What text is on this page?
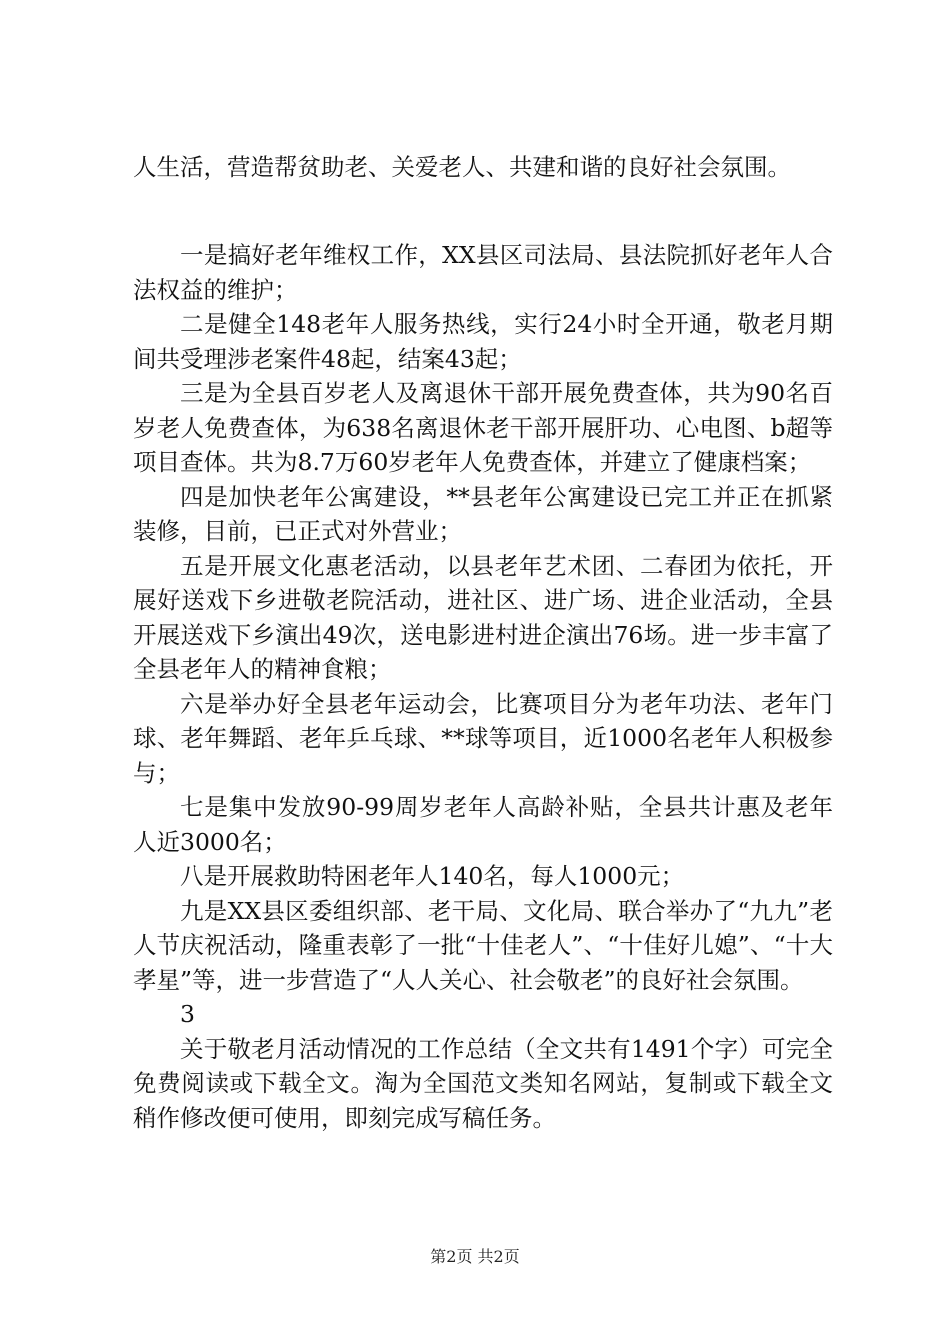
人生活，营造帮贫助老、关爱老人、共建和谐的良好社会氛围。

一是搞好老年维权工作，XX县区司法局、县法院抓好老年人合法权益的维护；

二是健全148老年人服务热线，实行24小时全开通，敬老月期间共受理涉老案件48起，结案43起；

三是为全县百岁老人及离退休干部开展免费查体，共为90名百岁老人免费查体，为638名离退休老干部开展肝功、心电图、b超等项目查体。共为8.7万60岁老年人免费查体，并建立了健康档案；

四是加快老年公寓建设，**县老年公寓建设已完工并正在抓紧装修，目前，已正式对外营业；

五是开展文化惠老活动，以县老年艺术团、二春团为依托，开展好送戏下乡进敬老院活动，进社区、进广场、进企业活动，全县开展送戏下乡演出49次，送电影进村进企演出76场。进一步丰富了全县老年人的精神食粮；

六是举办好全县老年运动会，比赛项目分为老年功法、老年门球、老年舞蹈、老年乒乓球、**球等项目，近1000名老年人积极参与；

七是集中发放90-99周岁老年人高龄补贴，全县共计惠及老年人近3000名；

八是开展救助特困老年人140名，每人1000元；

九是XX县区委组织部、老干局、文化局、联合举办了“九九”老人节庆祝活动，隆重表彰了一批“十佳老人”、“十佳好儿媳”、“十大孝星”等，进一步营造了“人人关心、社会敬老”的良好社会氛围。

3

关于敬老月活动情况的工作总结（全文共有1491个字）可完全免费阅读或下载全文。淘为全国范文类知名网站，复制或下载全文稍作修改便可使用，即刻完成写稿任务。

第2页 共2页
